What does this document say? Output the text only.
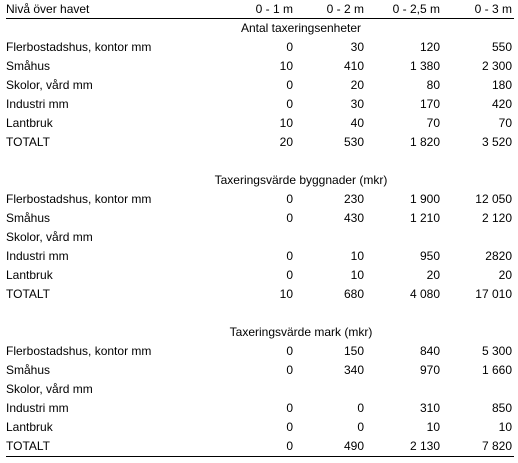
Nivå över havet	0 - 1 m	0 - 2 m	0 - 2,5 m	0 - 3 m
Antal taxeringsenheter				
Flerbostadshus, kontor mm	0	30	120	550
Småhus	10	410	1 380	2 300
Skolor, vård mm	0	20	80	180
Industri mm	0	30	170	420
Lantbruk	10	40	70	70
TOTALT	20	530	1 820	3 520

Taxeringsvärde byggnader (mkr)				
Flerbostadshus, kontor mm	0	230	1 900	12 050
Småhus	0	430	1 210	2 120
Skolor, vård mm				
Industri mm	0	10	950	2820
Lantbruk	0	10	20	20
TOTALT	10	680	4 080	17 010

Taxeringsvärde mark (mkr)				
Flerbostadshus, kontor mm	0	150	840	5 300
Småhus	0	340	970	1 660
Skolor, vård mm				
Industri mm	0	0	310	850
Lantbruk	0	0	10	10
TOTALT	0	490	2 130	7 820
